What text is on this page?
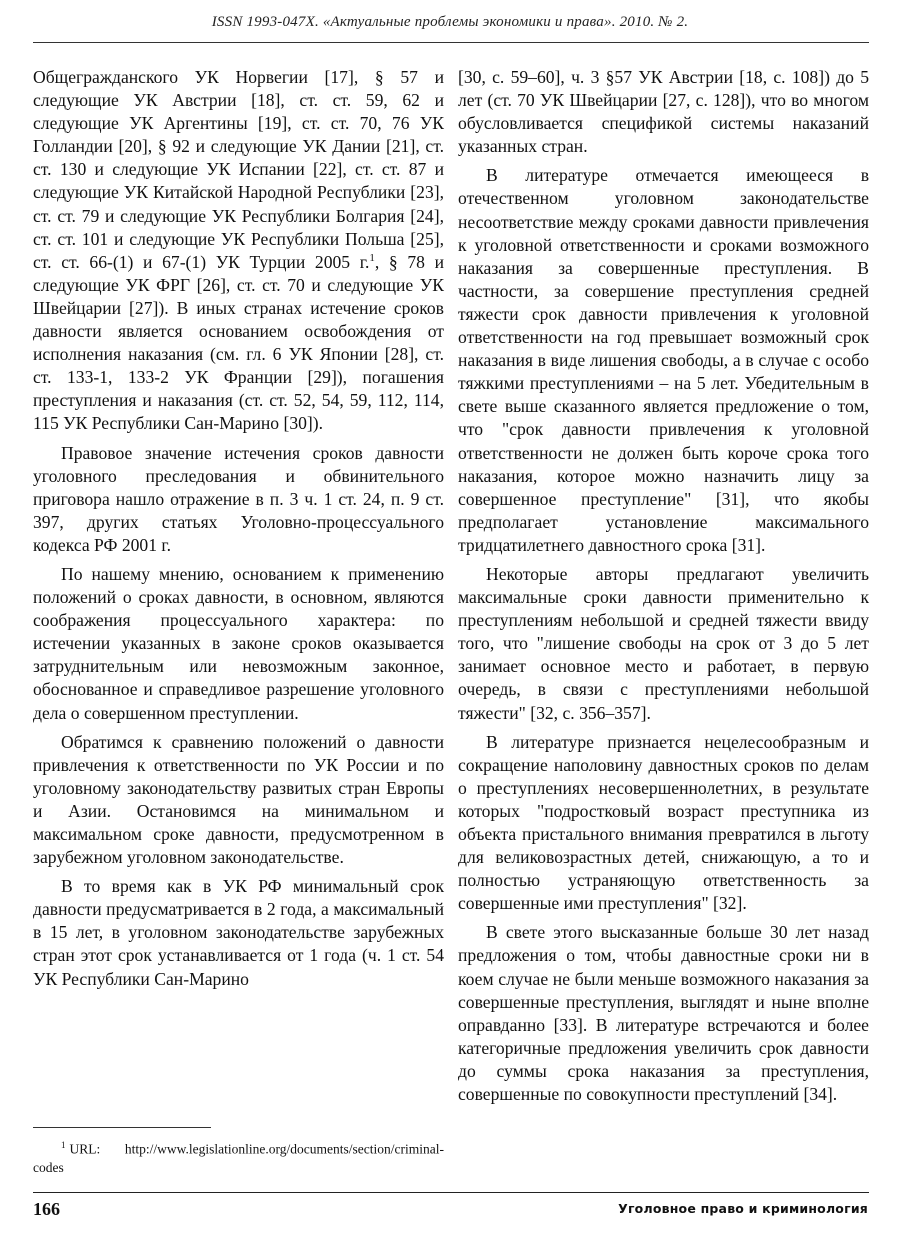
ISSN 1993-047X. «Актуальные проблемы экономики и права». 2010. № 2.

Общегражданского УК Норвегии [17], § 57 и следующие УК Австрии [18], ст. ст. 59, 62 и следующие УК Аргентины [19], ст. ст. 70, 76 УК Голландии [20], § 92 и следующие УК Дании [21], ст. ст. 130 и следующие УК Испании [22], ст. ст. 87 и следующие УК Китайской Народной Республики [23], ст. ст. 79 и следующие УК Республики Болгария [24], ст. ст. 101 и следующие УК Республики Польша [25], ст. ст. 66-(1) и 67-(1) УК Турции 2005 г.$^1$, § 78 и следующие УК ФРГ [26], ст. ст. 70 и следующие УК Швейцарии [27]). В иных странах истечение сроков давности является основанием освобождения от исполнения наказания (см. гл. 6 УК Японии [28], ст. ст. 133-1, 133-2 УК Франции [29]), погашения преступления и наказания (ст. ст. 52, 54, 59, 112, 114, 115 УК Республики Сан-Марино [30]).

Правовое значение истечения сроков давности уголовного преследования и обвинительного приговора нашло отражение в п. 3 ч. 1 ст. 24, п. 9 ст. 397, других статьях Уголовно-процессуального кодекса РФ 2001 г.

По нашему мнению, основанием к применению положений о сроках давности, в основном, являются соображения процессуального характера: по истечении указанных в законе сроков оказывается затруднительным или невозможным законное, обоснованное и справедливое разрешение уголовного дела о совершенном преступлении.

Обратимся к сравнению положений о давности привлечения к ответственности по УК России и по уголовному законодательству развитых стран Европы и Азии. Остановимся на минимальном и максимальном сроке давности, предусмотренном в зарубежном уголовном законодательстве.

В то время как в УК РФ минимальный срок давности предусматривается в 2 года, а максимальный в 15 лет, в уголовном законодательстве зарубежных стран этот срок устанавливается от 1 года (ч. 1 ст. 54 УК Республики Сан-Марино

[30, с. 59–60], ч. 3 §57 УК Австрии [18, с. 108]) до 5 лет (ст. 70 УК Швейцарии [27, с. 128]), что во многом обусловливается спецификой системы наказаний указанных стран.

В литературе отмечается имеющееся в отечественном уголовном законодательстве несоответствие между сроками давности привлечения к уголовной ответственности и сроками возможного наказания за совершенные преступления. В частности, за совершение преступления средней тяжести срок давности привлечения к уголовной ответственности на год превышает возможный срок наказания в виде лишения свободы, а в случае с особо тяжкими преступлениями – на 5 лет. Убедительным в свете выше сказанного является предложение о том, что "срок давности привлечения к уголовной ответственности не должен быть короче срока того наказания, которое можно назначить лицу за совершенное преступление" [31], что якобы предполагает установление максимального тридцатилетнего давностного срока [31].

Некоторые авторы предлагают увеличить максимальные сроки давности применительно к преступлениям небольшой и средней тяжести ввиду того, что "лишение свободы на срок от 3 до 5 лет занимает основное место и работает, в первую очередь, в связи с преступлениями небольшой тяжести" [32, с. 356–357].

В литературе признается нецелесообразным и сокращение наполовину давностных сроков по делам о преступлениях несовершеннолетних, в результате которых "подростковый возраст преступника из объекта пристального внимания превратился в льготу для великовозрастных детей, снижающую, а то и полностью устраняющую ответственность за совершенные ими преступления" [32].

В свете этого высказанные больше 30 лет назад предложения о том, чтобы давностные сроки ни в коем случае не были меньше возможного наказания за совершенные преступления, выглядят и ныне вполне оправданно [33]. В литературе встречаются и более категоричные предложения увеличить срок давности до суммы срока наказания за преступления, совершенные по совокупности преступлений [34].

$^1$ URL: http://www.legislationline.org/documents/section/criminal-codes
166	Уголовное право и криминология
